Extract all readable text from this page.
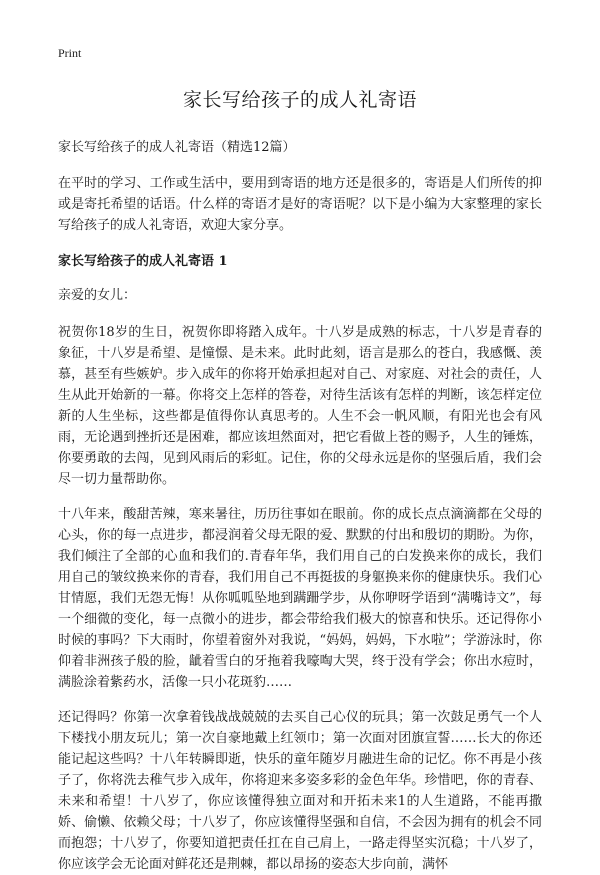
Print
家长写给孩子的成人礼寄语
家长写给孩子的成人礼寄语（精选12篇）

在平时的学习、工作或生活中，要用到寄语的地方还是很多的，寄语是人们所传的抑或是寄托希望的话语。什么样的寄语才是好的寄语呢？以下是小编为大家整理的家长写给孩子的成人礼寄语，欢迎大家分享。

家长写给孩子的成人礼寄语 1

亲爱的女儿：

祝贺你18岁的生日，祝贺你即将踏入成年。十八岁是成熟的标志，十八岁是青春的象征，十八岁是希望、是憧憬、是未来。此时此刻，语言是那么的苍白，我感慨、羡慕，甚至有些嫉妒。步入成年的你将开始承担起对自己、对家庭、对社会的责任，人生从此开始新的一幕。你将交上怎样的答卷，对待生活该有怎样的判断，该怎样定位新的人生坐标，这些都是值得你认真思考的。人生不会一帆风顺，有阳光也会有风雨，无论遇到挫折还是困难，都应该坦然面对，把它看做上苍的赐予，人生的锤炼，你要勇敢的去闯，见到风雨后的彩虹。记住，你的父母永远是你的坚强后盾，我们会尽一切力量帮助你。

十八年来，酸甜苦辣，寒来暑往，历历往事如在眼前。你的成长点点滴滴都在父母的心头，你的每一点进步，都浸润着父母无限的爱、默默的付出和殷切的期盼。为你，我们倾注了全部的心血和我们的.青春年华，我们用自己的白发换来你的成长，我们用自己的皱纹换来你的青春，我们用自己不再挺拔的身躯换来你的健康快乐。我们心甘情愿，我们无怨无悔！从你呱呱坠地到蹒跚学步，从你咿呀学语到“满嘴诗文”，每一个细微的变化，每一点微小的进步，都会带给我们极大的惊喜和快乐。还记得你小时候的事吗？下大雨时，你望着窗外对我说，“妈妈，妈妈，下水啦”；学游泳时，你仰着非洲孩子般的脸，龇着雪白的牙拖着我嚎啕大哭，终于没有学会；你出水痘时，满脸涂着紫药水，活像一只小花斑豹……

还记得吗？你第一次拿着钱战战兢兢的去买自己心仪的玩具；第一次鼓足勇气一个人下楼找小朋友玩儿；第一次自豪地戴上红领巾；第一次面对团旗宣誓……长大的你还能记起这些吗？十八年转瞬即逝，快乐的童年随岁月融进生命的记忆。你不再是小孩子了，你将洗去稚气步入成年，你将迎来多姿多彩的金色年华。珍惜吧，你的青春、未来和希望！十八岁了，你应该懂得独立面对和开拓未来1的人生道路，不能再撒娇、偷懒、依赖父母；十八岁了，你应该懂得坚强和自信，不会因为拥有的机会不同而抱怨；十八岁了，你要知道把责任扛在自己肩上，一路走得坚实沉稳；十八岁了，你应该学会无论面对鲜花还是荆棘，都以昂扬的姿态大步向前，满怀
